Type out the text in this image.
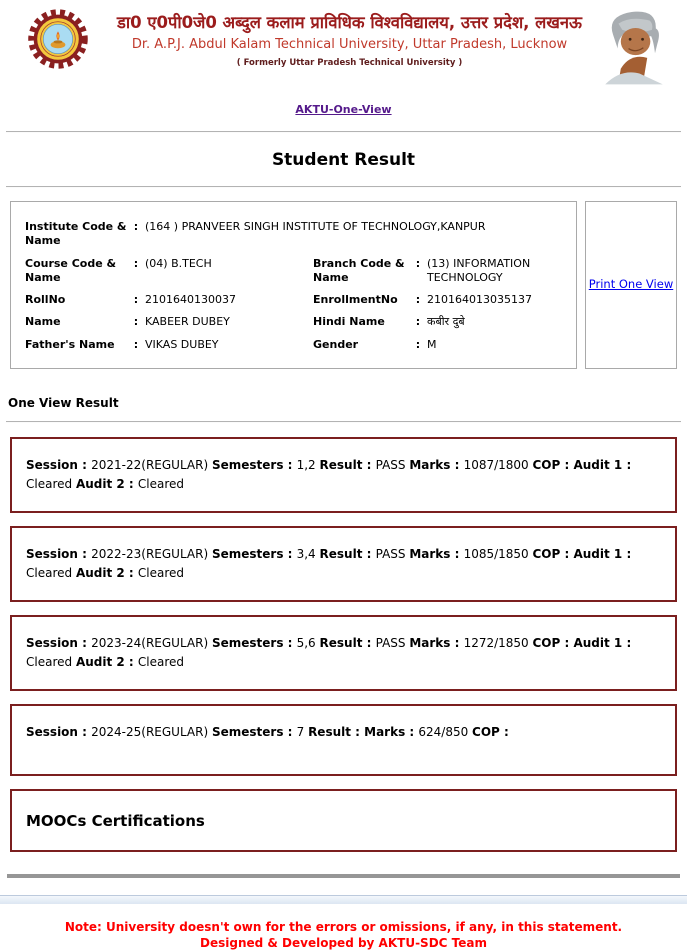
डा0 ए0पी0जे0 अब्दुल कलाम प्राविधिक विश्वविद्यालय, उत्तर प्रदेश, लखनऊ
Dr. A.P.J. Abdul Kalam Technical University, Uttar Pradesh, Lucknow
( Formerly Uttar Pradesh Technical University )
AKTU-One-View
Student Result
Institute Code & Name	:	(164 ) PRANVEER SINGH INSTITUTE OF TECHNOLOGY,KANPUR			
Course Code & Name	:	(04) B.TECH	Branch Code & Name	:	(13) INFORMATION TECHNOLOGY
RollNo	:	2101640130037	EnrollmentNo	:	210164013035137
Name	:	KABEER DUBEY	Hindi Name	:	कबीर दुबे
Father's Name	:	VIKAS DUBEY	Gender	:	M
Print One View
One View Result
Session : 2021-22(REGULAR) Semesters : 1,2 Result : PASS Marks : 1087/1800 COP : Audit 1 : Cleared Audit 2 : Cleared
Session : 2022-23(REGULAR) Semesters : 3,4 Result : PASS Marks : 1085/1850 COP : Audit 1 : Cleared Audit 2 : Cleared
Session : 2023-24(REGULAR) Semesters : 5,6 Result : PASS Marks : 1272/1850 COP : Audit 1 : Cleared Audit 2 : Cleared
Session : 2024-25(REGULAR) Semesters : 7 Result : Marks : 624/850 COP :
MOOCs Certifications
Note: University doesn't own for the errors or omissions, if any, in this statement.
Designed & Developed by AKTU-SDC Team
